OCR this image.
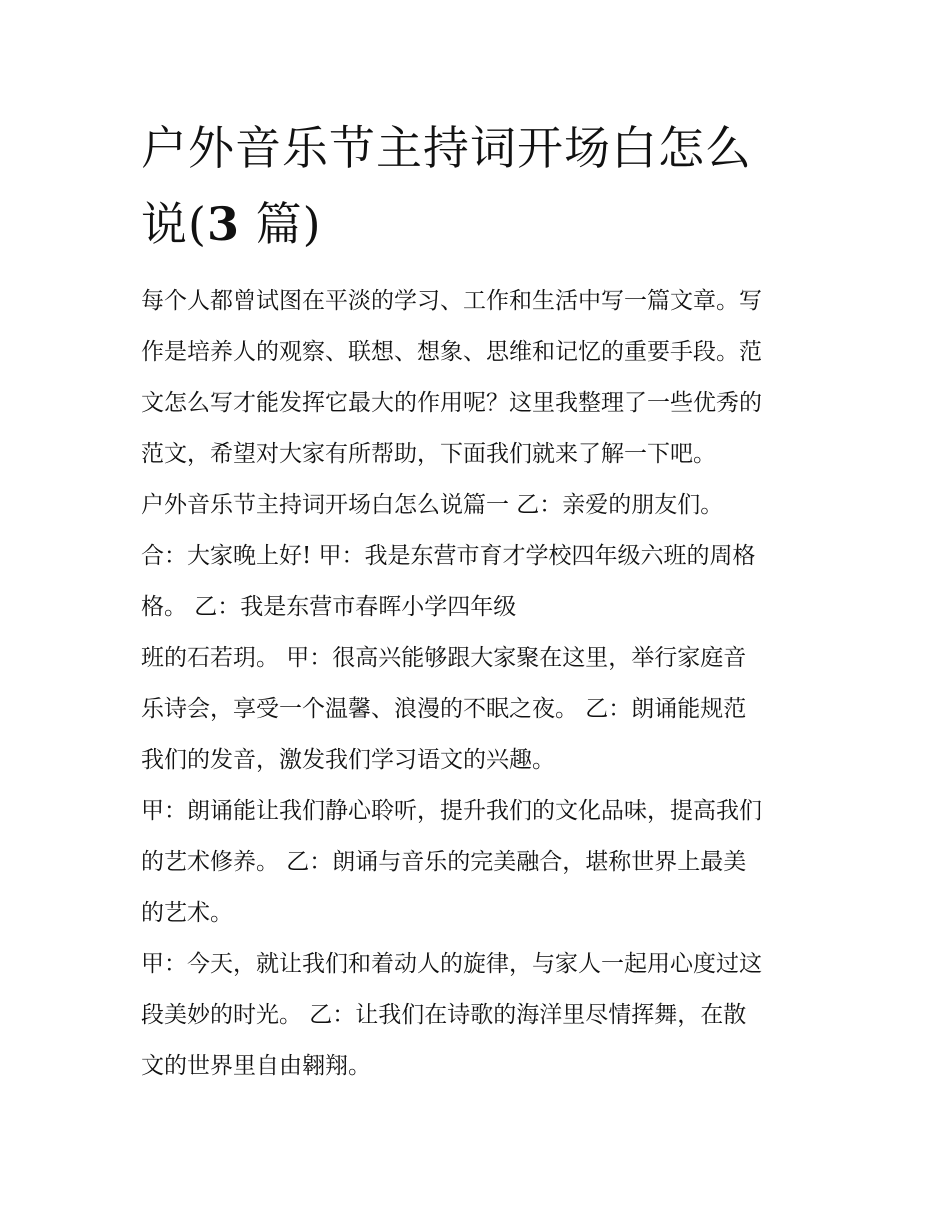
户外音乐节主持词开场白怎么
说(3 篇)
每个人都曾试图在平淡的学习、工作和生活中写一篇文章。写
作是培养人的观察、联想、想象、思维和记忆的重要手段。范
文怎么写才能发挥它最大的作用呢？这里我整理了一些优秀的
范文，希望对大家有所帮助，下面我们就来了解一下吧。
户外音乐节主持词开场白怎么说篇一 乙：亲爱的朋友们。
合：大家晚上好! 甲：我是东营市育才学校四年级六班的周格
格。 乙：我是东营市春晖小学四年级
班的石若玥。 甲：很高兴能够跟大家聚在这里，举行家庭音
乐诗会，享受一个温馨、浪漫的不眠之夜。 乙：朗诵能规范
我们的发音，激发我们学习语文的兴趣。
甲：朗诵能让我们静心聆听，提升我们的文化品味，提高我们
的艺术修养。 乙：朗诵与音乐的完美融合，堪称世界上最美
的艺术。
甲：今天，就让我们和着动人的旋律，与家人一起用心度过这
段美妙的时光。 乙：让我们在诗歌的海洋里尽情挥舞，在散
文的世界里自由翱翔。
